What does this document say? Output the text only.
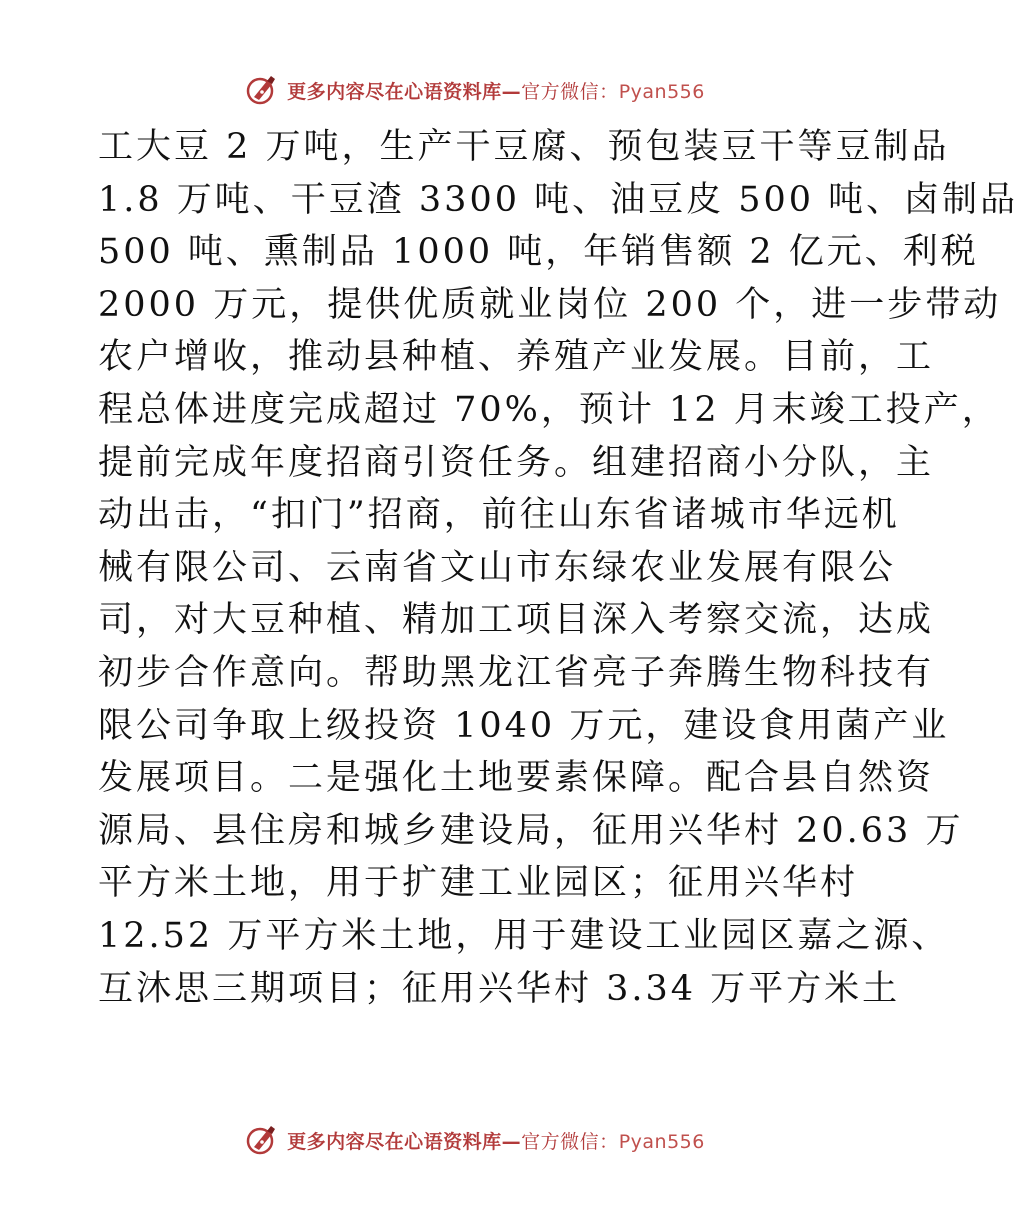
更多内容尽在心语资料库—官方微信：Pyan556
工大豆 2 万吨，生产干豆腐、预包装豆干等豆制品
1.8 万吨、干豆渣 3300 吨、油豆皮 500 吨、卤制品
500 吨、熏制品 1000 吨，年销售额 2 亿元、利税
2000 万元，提供优质就业岗位 200 个，进一步带动
农户增收，推动县种植、养殖产业发展。目前，工
程总体进度完成超过 70%，预计 12 月末竣工投产，
提前完成年度招商引资任务。组建招商小分队，主
动出击，“扣门”招商，前往山东省诸城市华远机
械有限公司、云南省文山市东绿农业发展有限公
司，对大豆种植、精加工项目深入考察交流，达成
初步合作意向。帮助黑龙江省亮子奔腾生物科技有
限公司争取上级投资 1040 万元，建设食用菌产业
发展项目。二是强化土地要素保障。配合县自然资
源局、县住房和城乡建设局，征用兴华村 20.63 万
平方米土地，用于扩建工业园区；征用兴华村
12.52 万平方米土地，用于建设工业园区嘉之源、
互沐思三期项目；征用兴华村 3.34 万平方米土
更多内容尽在心语资料库—官方微信：Pyan556
